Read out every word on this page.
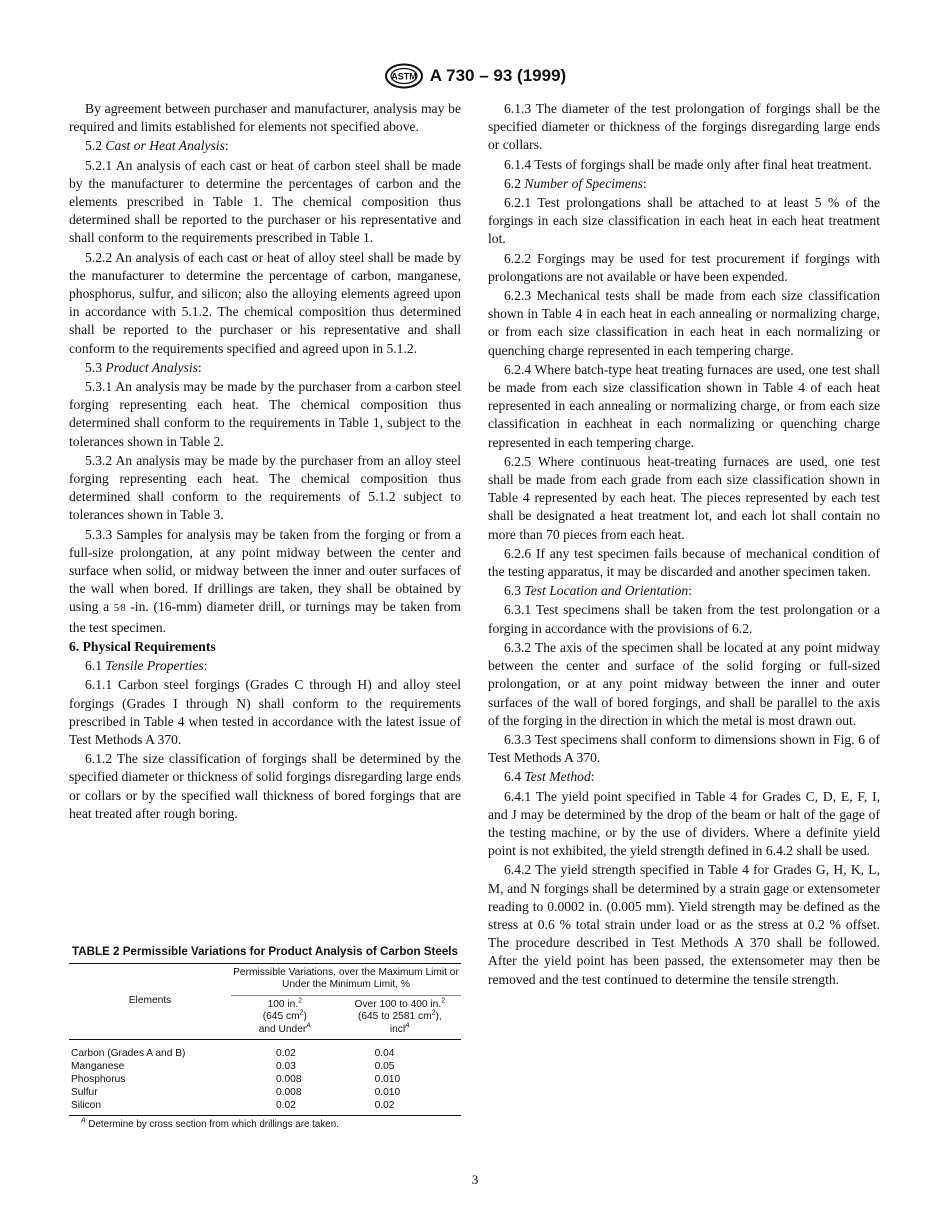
ASTM A 730 – 93 (1999)

By agreement between purchaser and manufacturer, analysis may be required and limits established for elements not specified above.

5.2 Cast or Heat Analysis:

5.2.1 An analysis of each cast or heat of carbon steel shall be made by the manufacturer to determine the percentages of carbon and the elements prescribed in Table 1. The chemical composition thus determined shall be reported to the purchaser or his representative and shall conform to the requirements prescribed in Table 1.

5.2.2 An analysis of each cast or heat of alloy steel shall be made by the manufacturer to determine the percentage of carbon, manganese, phosphorus, sulfur, and silicon; also the alloying elements agreed upon in accordance with 5.1.2. The chemical composition thus determined shall be reported to the purchaser or his representative and shall conform to the requirements specified and agreed upon in 5.1.2.

5.3 Product Analysis:

5.3.1 An analysis may be made by the purchaser from a carbon steel forging representing each heat. The chemical composition thus determined shall conform to the requirements in Table 1, subject to the tolerances shown in Table 2.

5.3.2 An analysis may be made by the purchaser from an alloy steel forging representing each heat. The chemical composition thus determined shall conform to the requirements of 5.1.2 subject to tolerances shown in Table 3.

5.3.3 Samples for analysis may be taken from the forging or from a full-size prolongation, at any point midway between the center and surface when solid, or midway between the inner and outer surfaces of the wall when bored. If drillings are taken, they shall be obtained by using a 5⁄8 -in. (16-mm) diameter drill, or turnings may be taken from the test specimen.

6. Physical Requirements

6.1 Tensile Properties:

6.1.1 Carbon steel forgings (Grades C through H) and alloy steel forgings (Grades I through N) shall conform to the requirements prescribed in Table 4 when tested in accordance with the latest issue of Test Methods A 370.

6.1.2 The size classification of forgings shall be determined by the specified diameter or thickness of solid forgings disregarding large ends or collars or by the specified wall thickness of bored forgings that are heat treated after rough boring.

6.1.3 The diameter of the test prolongation of forgings shall be the specified diameter or thickness of the forgings disregarding large ends or collars.

6.1.4 Tests of forgings shall be made only after final heat treatment.

6.2 Number of Specimens:

6.2.1 Test prolongations shall be attached to at least 5 % of the forgings in each size classification in each heat in each heat treatment lot.

6.2.2 Forgings may be used for test procurement if forgings with prolongations are not available or have been expended.

6.2.3 Mechanical tests shall be made from each size classification shown in Table 4 in each heat in each annealing or normalizing charge, or from each size classification in each heat in each normalizing or quenching charge represented in each tempering charge.

6.2.4 Where batch-type heat treating furnaces are used, one test shall be made from each size classification shown in Table 4 of each heat represented in each annealing or normalizing charge, or from each size classification in eachheat in each normalizing or quenching charge represented in each tempering charge.

6.2.5 Where continuous heat-treating furnaces are used, one test shall be made from each grade from each size classification shown in Table 4 represented by each heat. The pieces represented by each test shall be designated a heat treatment lot, and each lot shall contain no more than 70 pieces from each heat.

6.2.6 If any test specimen fails because of mechanical condition of the testing apparatus, it may be discarded and another specimen taken.

6.3 Test Location and Orientation:

6.3.1 Test specimens shall be taken from the test prolongation or a forging in accordance with the provisions of 6.2.

6.3.2 The axis of the specimen shall be located at any point midway between the center and surface of the solid forging or full-sized prolongation, or at any point midway between the inner and outer surfaces of the wall of bored forgings, and shall be parallel to the axis of the forging in the direction in which the metal is most drawn out.

6.3.3 Test specimens shall conform to dimensions shown in Fig. 6 of Test Methods A 370.

6.4 Test Method:

6.4.1 The yield point specified in Table 4 for Grades C, D, E, F, I, and J may be determined by the drop of the beam or halt of the gage of the testing machine, or by the use of dividers. Where a definite yield point is not exhibited, the yield strength defined in 6.4.2 shall be used.

6.4.2 The yield strength specified in Table 4 for Grades G, H, K, L, M, and N forgings shall be determined by a strain gage or extensometer reading to 0.0002 in. (0.005 mm). Yield strength may be defined as the stress at 0.6 % total strain under load or as the stress at 0.2 % offset. The procedure described in Test Methods A 370 shall be followed. After the yield point has been passed, the extensometer may then be removed and the test continued to determine the tensile strength.

TABLE 2 Permissible Variations for Product Analysis of Carbon Steels
Elements	Permissible Variations, over the Maximum Limit or Under the Minimum Limit, %	
	100 in.$^2$
(645 $cm^2$)
and Under$^A$	Over 100 to 400 in.$^2$
(645 to 2581 $cm^2$),
incl$^A$
Carbon (Grades A and B)	0.02	0.04
Manganese	0.03	0.05
Phosphorus	0.008	0.010
Sulfur	0.008	0.010
Silicon	0.02	0.02
$^A$ Determine by cross section from which drillings are taken.
3
